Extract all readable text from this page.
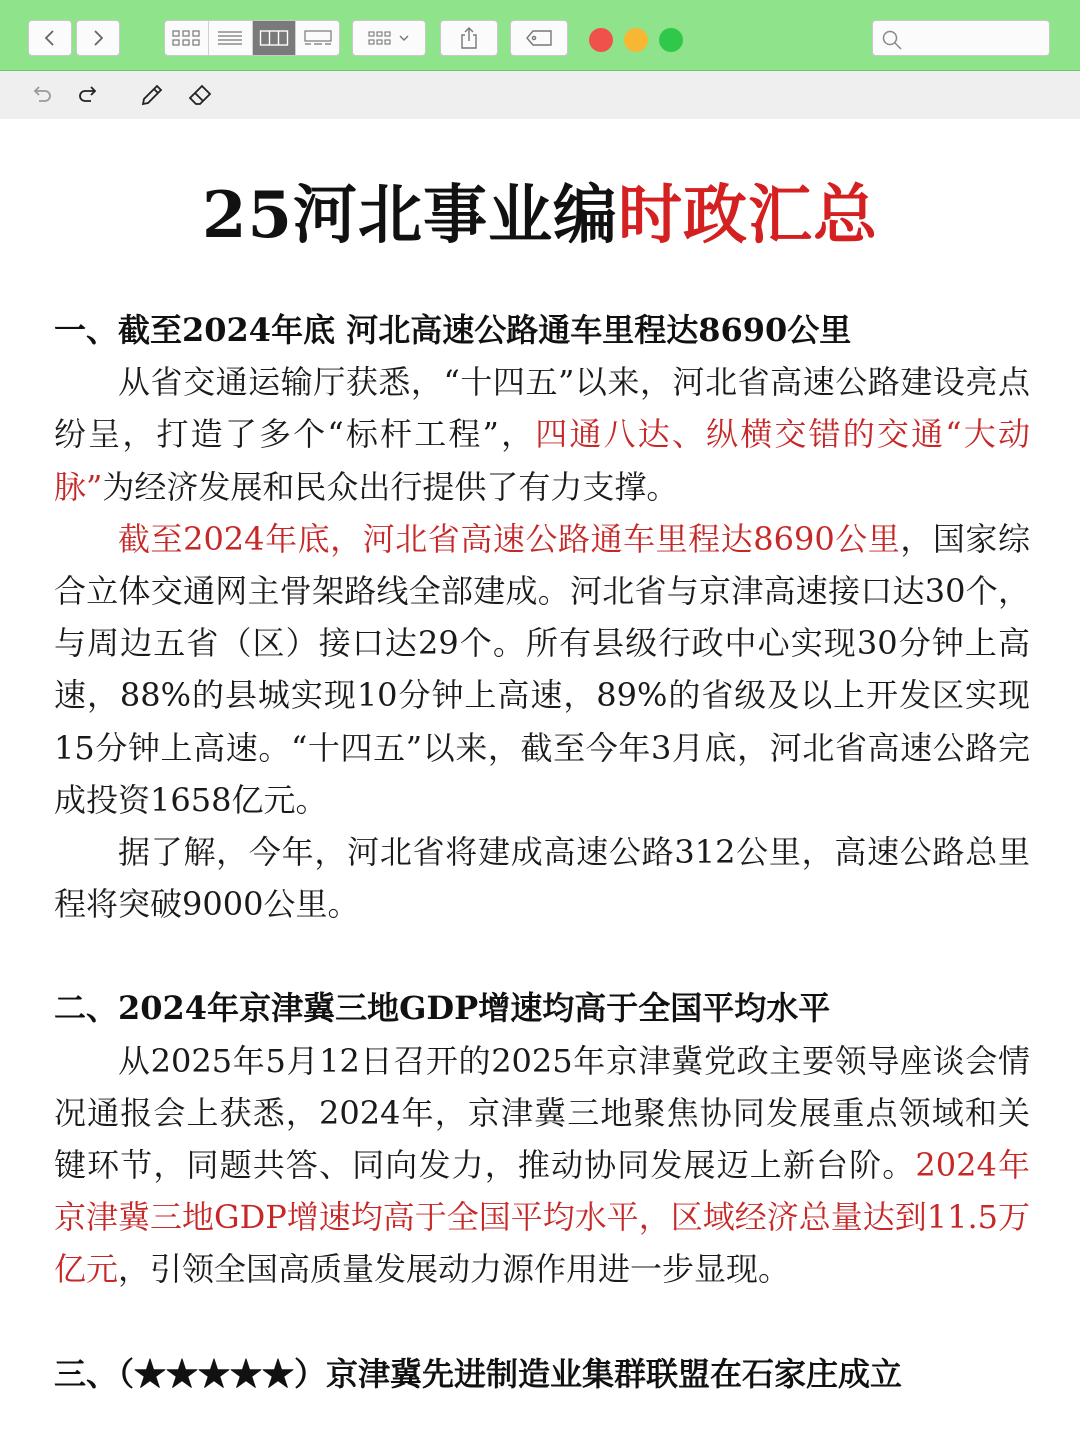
25河北事业编时政汇总
一、截至2024年底 河北高速公路通车里程达8690公里

从省交通运输厅获悉，“十四五”以来，河北省高速公路建设亮点纷呈，打造了多个“标杆工程”，四通八达、纵横交错的交通“大动脉”为经济发展和民众出行提供了有力支撑。

截至2024年底，河北省高速公路通车里程达8690公里，国家综合立体交通网主骨架路线全部建成。河北省与京津高速接口达30个，与周边五省（区）接口达29个。所有县级行政中心实现30分钟上高速，88%的县城实现10分钟上高速，89%的省级及以上开发区实现15分钟上高速。“十四五”以来，截至今年3月底，河北省高速公路完成投资1658亿元。

据了解，今年，河北省将建成高速公路312公里，高速公路总里程将突破9000公里。

二、2024年京津冀三地GDP增速均高于全国平均水平

从2025年5月12日召开的2025年京津冀党政主要领导座谈会情况通报会上获悉，2024年，京津冀三地聚焦协同发展重点领域和关键环节，同题共答、同向发力，推动协同发展迈上新台阶。2024年京津冀三地GDP增速均高于全国平均水平，区域经济总量达到11.5万亿元，引领全国高质量发展动力源作用进一步显现。

三、（★★★★★）京津冀先进制造业集群联盟在石家庄成立
